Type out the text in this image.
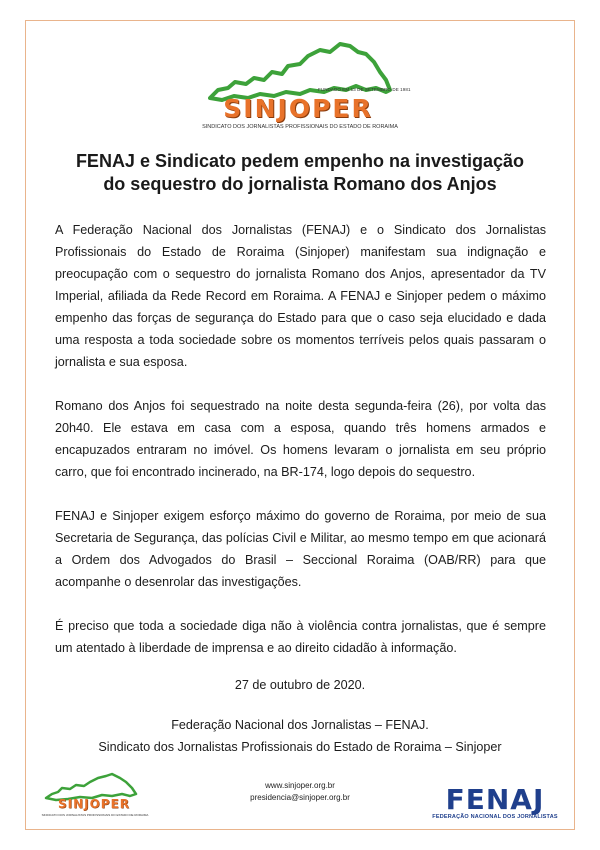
FUNDADO EM 13 DE SETEMBRO DE 1981
SINJOPER
SINDICATO DOS JORNALISTAS PROFISSIONAIS DO ESTADO DE RORAIMA
FENAJ e Sindicato pedem empenho na investigação do sequestro do jornalista Romano dos Anjos

A Federação Nacional dos Jornalistas (FENAJ) e o Sindicato dos Jornalistas Profissionais do Estado de Roraima (Sinjoper) manifestam sua indignação e preocupação com o sequestro do jornalista Romano dos Anjos, apresentador da TV Imperial, afiliada da Rede Record em Roraima. A FENAJ e Sinjoper pedem o máximo empenho das forças de segurança do Estado para que o caso seja elucidado e dada uma resposta a toda sociedade sobre os momentos terríveis pelos quais passaram o jornalista e sua esposa.

Romano dos Anjos foi sequestrado na noite desta segunda-feira (26), por volta das 20h40. Ele estava em casa com a esposa, quando três homens armados e encapuzados entraram no imóvel. Os homens levaram o jornalista em seu próprio carro, que foi encontrado incinerado, na BR-174, logo depois do sequestro.

FENAJ e Sinjoper exigem esforço máximo do governo de Roraima, por meio de sua Secretaria de Segurança, das polícias Civil e Militar, ao mesmo tempo em que acionará a Ordem dos Advogados do Brasil – Seccional Roraima (OAB/RR) para que acompanhe o desenrolar das investigações.

É preciso que toda a sociedade diga não à violência contra jornalistas, que é sempre um atentado à liberdade de imprensa e ao direito cidadão à informação.

27 de outubro de 2020.
Federação Nacional dos Jornalistas – FENAJ.
Sindicato dos Jornalistas Profissionais do Estado de Roraima – Sinjoper
SINJOPER
SINDICATO DOS JORNALISTAS PROFISSIONAIS DO ESTADO DE RORAIMA
www.sinjoper.org.br
presidencia@sinjoper.org.br	FENAJ
FEDERAÇÃO NACIONAL DOS JORNALISTAS
